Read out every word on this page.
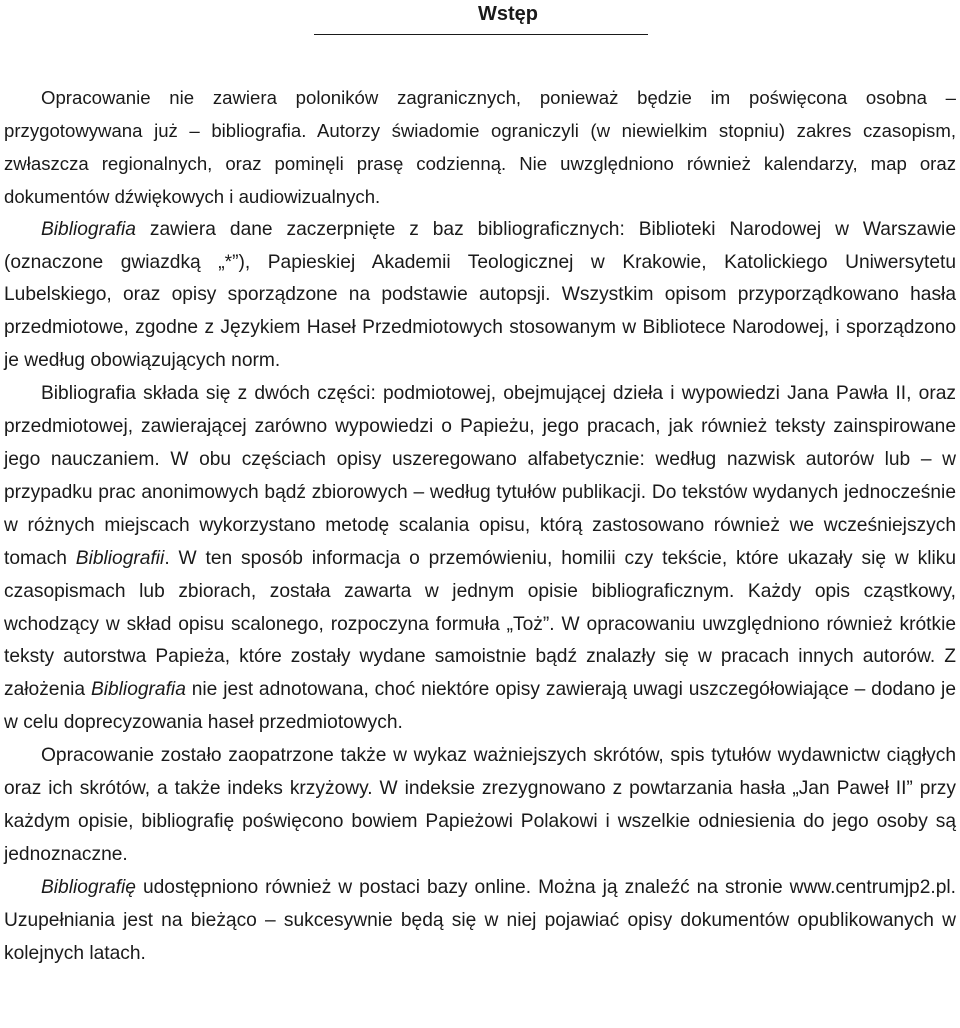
Wstęp

Opracowanie nie zawiera poloników zagranicznych, ponieważ będzie im poświęcona osobna – przygotowywana już – bibliografia. Autorzy świadomie ograniczyli (w niewielkim stopniu) zakres czasopism, zwłaszcza regionalnych, oraz pominęli prasę codzienną. Nie uwzględniono również kalendarzy, map oraz dokumentów dźwiękowych i audiowizualnych.

Bibliografia zawiera dane zaczerpnięte z baz bibliograficznych: Biblioteki Narodowej w Warszawie (oznaczone gwiazdką „*”), Papieskiej Akademii Teologicznej w Krakowie, Katolickiego Uniwersytetu Lubelskiego, oraz opisy sporządzone na podstawie autopsji. Wszystkim opisom przyporządkowano hasła przedmiotowe, zgodne z Językiem Haseł Przedmiotowych stosowanym w Bibliotece Narodowej, i sporządzono je według obowiązujących norm.

Bibliografia składa się z dwóch części: podmiotowej, obejmującej dzieła i wypowiedzi Jana Pawła II, oraz przedmiotowej, zawierającej zarówno wypowiedzi o Papieżu, jego pracach, jak również teksty zainspirowane jego nauczaniem. W obu częściach opisy uszeregowano alfabetycznie: według nazwisk autorów lub – w przypadku prac anonimowych bądź zbiorowych – według tytułów publikacji. Do tekstów wydanych jednocześnie w różnych miejscach wykorzystano metodę scalania opisu, którą zastosowano również we wcześniejszych tomach Bibliografii. W ten sposób informacja o przemówieniu, homilii czy tekście, które ukazały się w kliku czasopismach lub zbiorach, została zawarta w jednym opisie bibliograficznym. Każdy opis cząstkowy, wchodzący w skład opisu scalonego, rozpoczyna formuła „Toż”. W opracowaniu uwzględniono również krótkie teksty autorstwa Papieża, które zostały wydane samoistnie bądź znalazły się w pracach innych autorów. Z założenia Bibliografia nie jest adnotowana, choć niektóre opisy zawierają uwagi uszczegółowiające – dodano je w celu doprecyzowania haseł przedmiotowych.

Opracowanie zostało zaopatrzone także w wykaz ważniejszych skrótów, spis tytułów wydawnictw ciągłych oraz ich skrótów, a także indeks krzyżowy. W indeksie zrezygnowano z powtarzania hasła „Jan Paweł II” przy każdym opisie, bibliografię poświęcono bowiem Papieżowi Polakowi i wszelkie odniesienia do jego osoby są jednoznaczne.

Bibliografię udostępniono również w postaci bazy online. Można ją znaleźć na stronie www.centrumjp2.pl. Uzupełniania jest na bieżąco – sukcesywnie będą się w niej pojawiać opisy dokumentów opublikowanych w kolejnych latach.
